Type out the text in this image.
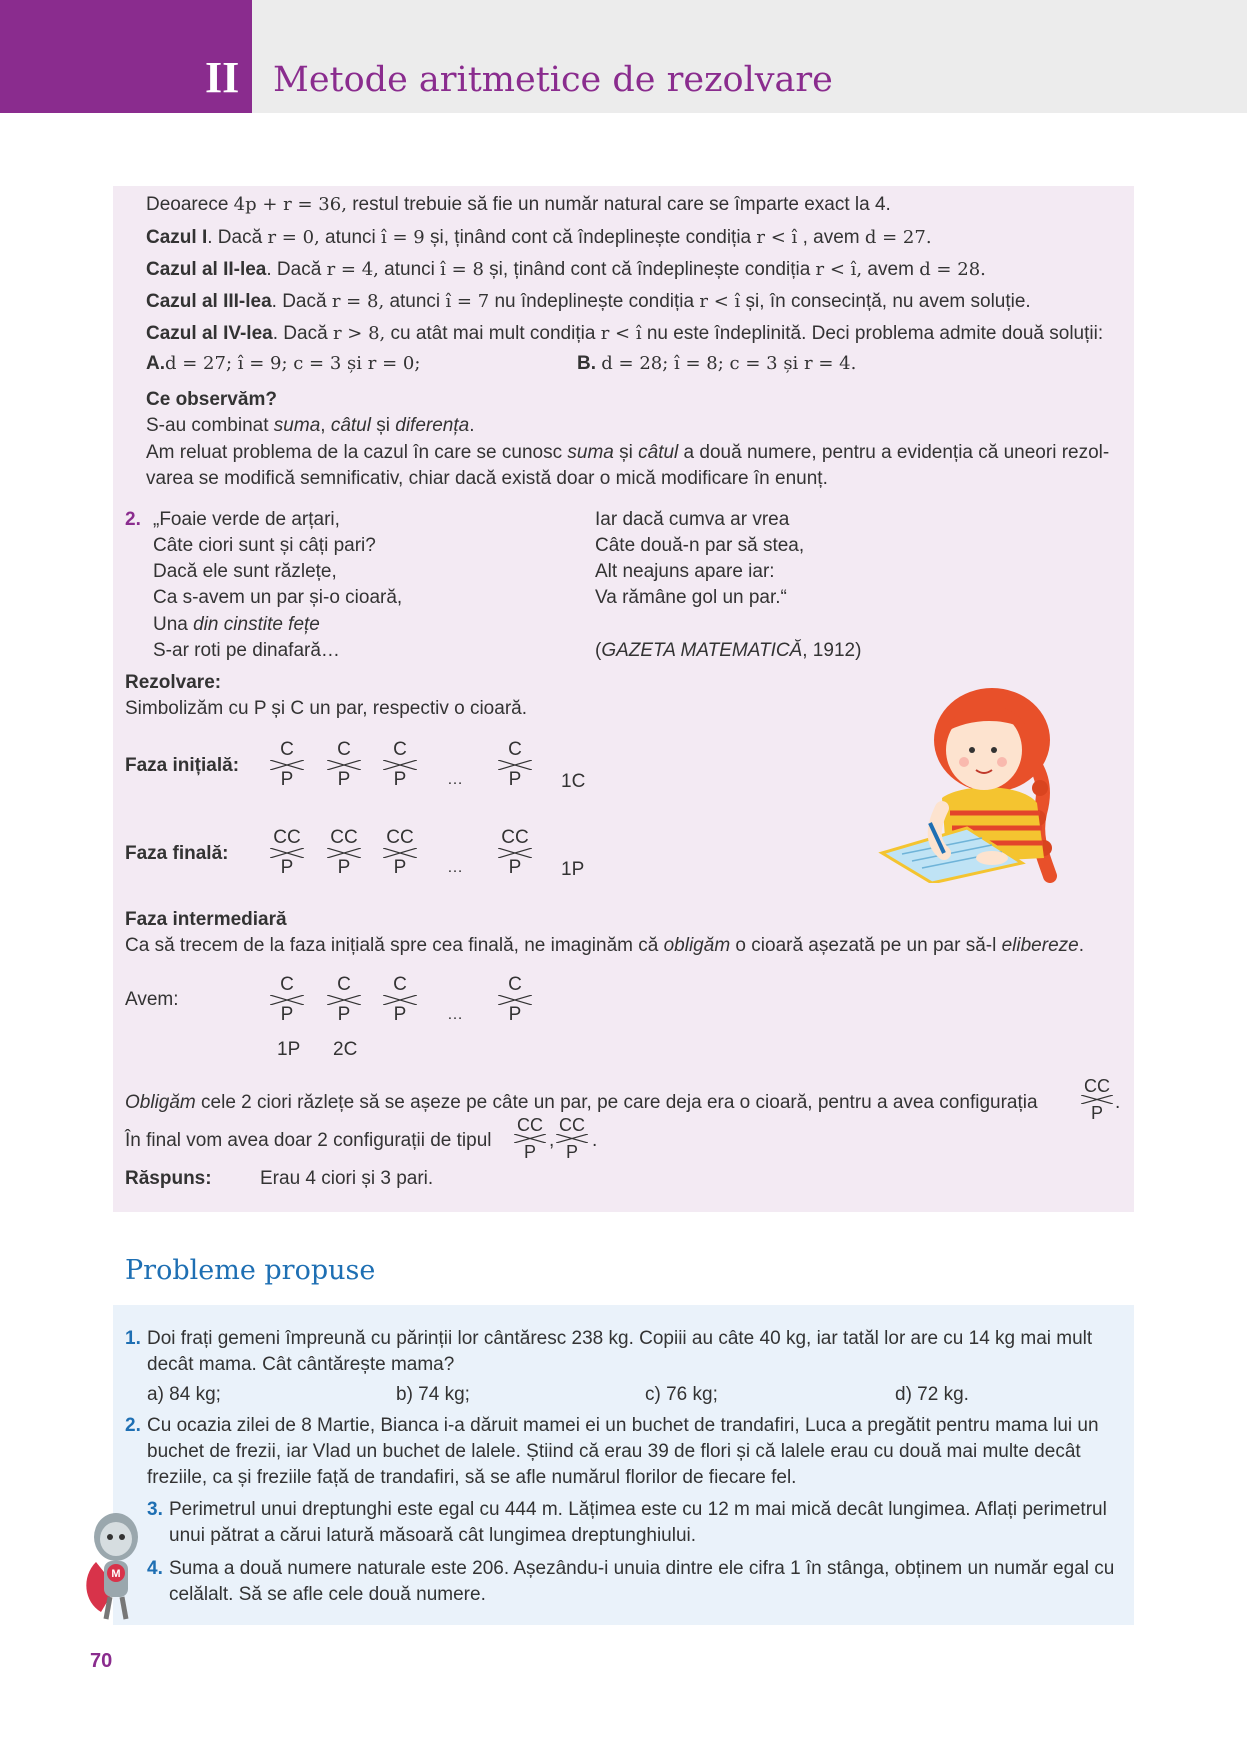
II Metode aritmetice de rezolvare
Deoarece 4p + r = 36, restul trebuie să fie un număr natural care se împarte exact la 4.
Cazul I. Dacă r = 0, atunci î = 9 și, ținând cont că îndeplinește condiția r < î , avem d = 27.
Cazul al II-lea. Dacă r = 4, atunci î = 8 și, ținând cont că îndeplinește condiția r < î, avem d = 28.
Cazul al III-lea. Dacă r = 8, atunci î = 7 nu îndeplinește condiția r < î și, în consecință, nu avem soluție.
Cazul al IV-lea. Dacă r > 8, cu atât mai mult condiția r < î nu este îndeplinită. Deci problema admite două soluții:
A.d = 27; î = 9; c = 3 și r = 0;	B. d = 28; î = 8; c = 3 și r = 4.
Ce observăm?
S-au combinat suma, câtul și diferența.
Am reluat problema de la cazul în care se cunosc suma și câtul a două numere, pentru a evidenția că uneori rezol-
varea se modifică semnificativ, chiar dacă există doar o mică modificare în enunț.
2. „Foaie verde de arțari,
Câte ciori sunt și câți pari?
Dacă ele sunt răzlețe,
Ca s-avem un par și-o cioară,
Una din cinstite fețe
S-ar roti pe dinafară…
Iar dacă cumva ar vrea
Câte două-n par să stea,
Alt neajuns apare iar:
Va rămâne gol un par.“
(GAZETA MATEMATICĂ, 1912)
Rezolvare:
Simbolizăm cu P și C un par, respectiv o cioară.
Faza inițială:
C
P
C
P
C
P	…
C
P	1C
Faza finală:
CC
P
CC
P
CC
P	…
CC
P	1P
Faza intermediară
Ca să trecem de la faza inițială spre cea finală, ne imaginăm că obligăm o cioară așezată pe un par să-l elibereze.
Avem:
C
P
C
P
C
P	…
C
P
1P 2C
Obligăm cele 2 ciori răzlețe să se așeze pe câte un par, pe care deja era o cioară, pentru a avea configurația
CC
P .
În final vom avea doar 2 configurații de tipul
CC
P
,
CC
P
.
Răspuns:	Erau 4 ciori și 3 pari.
Probleme propuse
1. Doi frați gemeni împreună cu părinții lor cântăresc 238 kg. Copiii au câte 40 kg, iar tatăl lor are cu 14 kg mai mult
decât mama. Cât cântărește mama?
a) 84 kg;	b) 74 kg;	c) 76 kg;	d) 72 kg.
2. Cu ocazia zilei de 8 Martie, Bianca i-a dăruit mamei ei un buchet de trandafiri, Luca a pregătit pentru mama lui un
buchet de frezii, iar Vlad un buchet de lalele. Știind că erau 39 de flori și că lalele erau cu două mai multe decât
freziile, ca și freziile față de trandafiri, să se afle numărul florilor de fiecare fel.
3. Perimetrul unui dreptunghi este egal cu 444 m. Lățimea este cu 12 m mai mică decât lungimea. Aflați perimetrul
unui pătrat a cărui latură măsoară cât lungimea dreptunghiului.
4. Suma a două numere naturale este 206. Așezându-i unuia dintre ele cifra 1 în stânga, obținem un număr egal cu
celălalt. Să se afle cele două numere.
M
70
